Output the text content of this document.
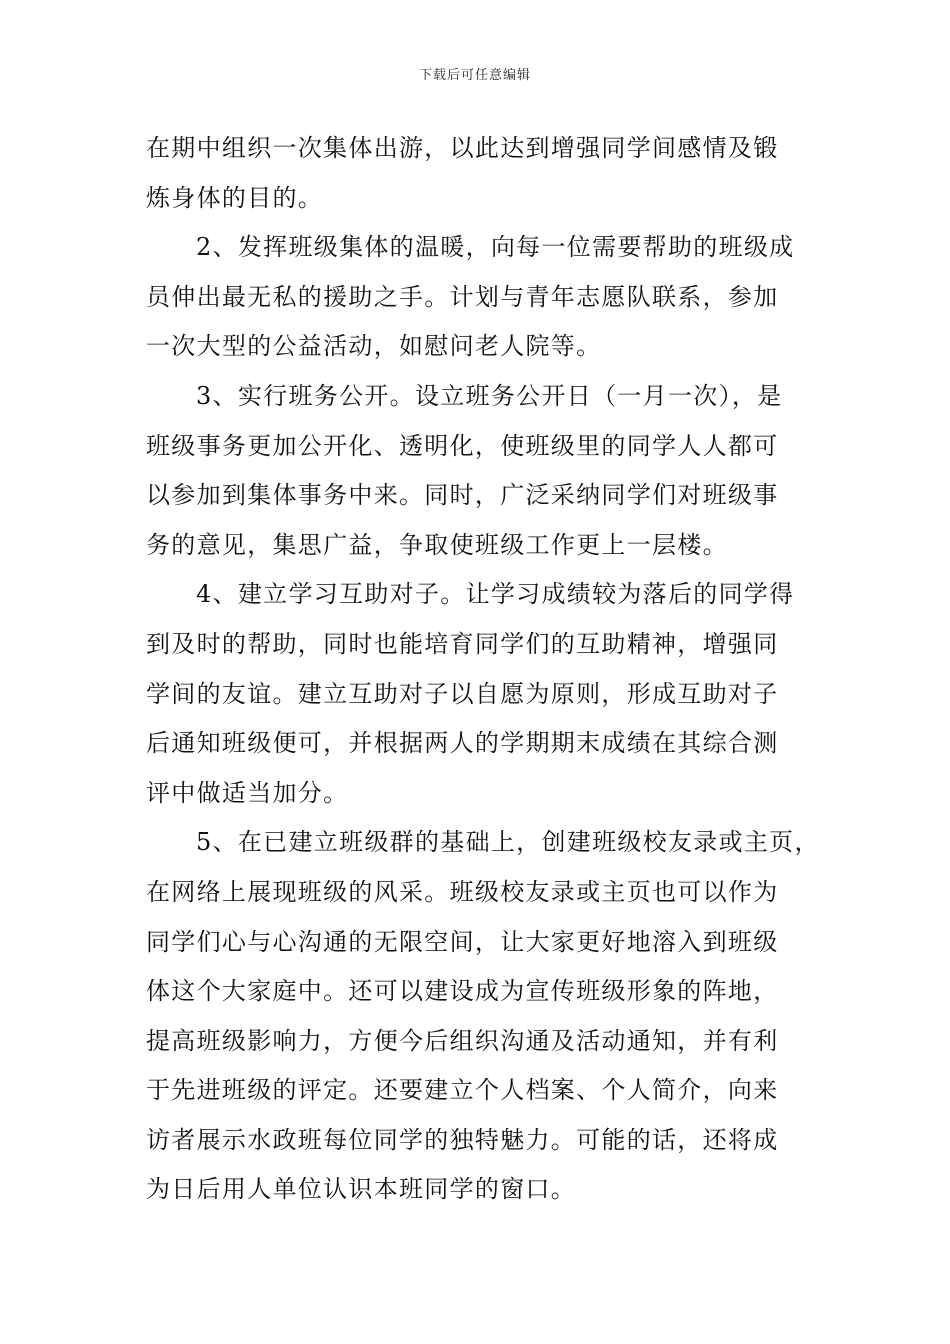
下载后可任意编辑
在期中组织一次集体出游，以此达到增强同学间感情及锻
炼身体的目的。
2、发挥班级集体的温暖，向每一位需要帮助的班级成
员伸出最无私的援助之手。计划与青年志愿队联系，参加
一次大型的公益活动，如慰问老人院等。
3、实行班务公开。设立班务公开日（一月一次），是
班级事务更加公开化、透明化，使班级里的同学人人都可
以参加到集体事务中来。同时，广泛采纳同学们对班级事
务的意见，集思广益，争取使班级工作更上一层楼。
4、建立学习互助对子。让学习成绩较为落后的同学得
到及时的帮助，同时也能培育同学们的互助精神，增强同
学间的友谊。建立互助对子以自愿为原则，形成互助对子
后通知班级便可，并根据两人的学期期末成绩在其综合测
评中做适当加分。
5、在已建立班级群的基础上，创建班级校友录或主页，
在网络上展现班级的风采。班级校友录或主页也可以作为
同学们心与心沟通的无限空间，让大家更好地溶入到班级
体这个大家庭中。还可以建设成为宣传班级形象的阵地，
提高班级影响力，方便今后组织沟通及活动通知，并有利
于先进班级的评定。还要建立个人档案、个人简介，向来
访者展示水政班每位同学的独特魅力。可能的话，还将成
为日后用人单位认识本班同学的窗口。
